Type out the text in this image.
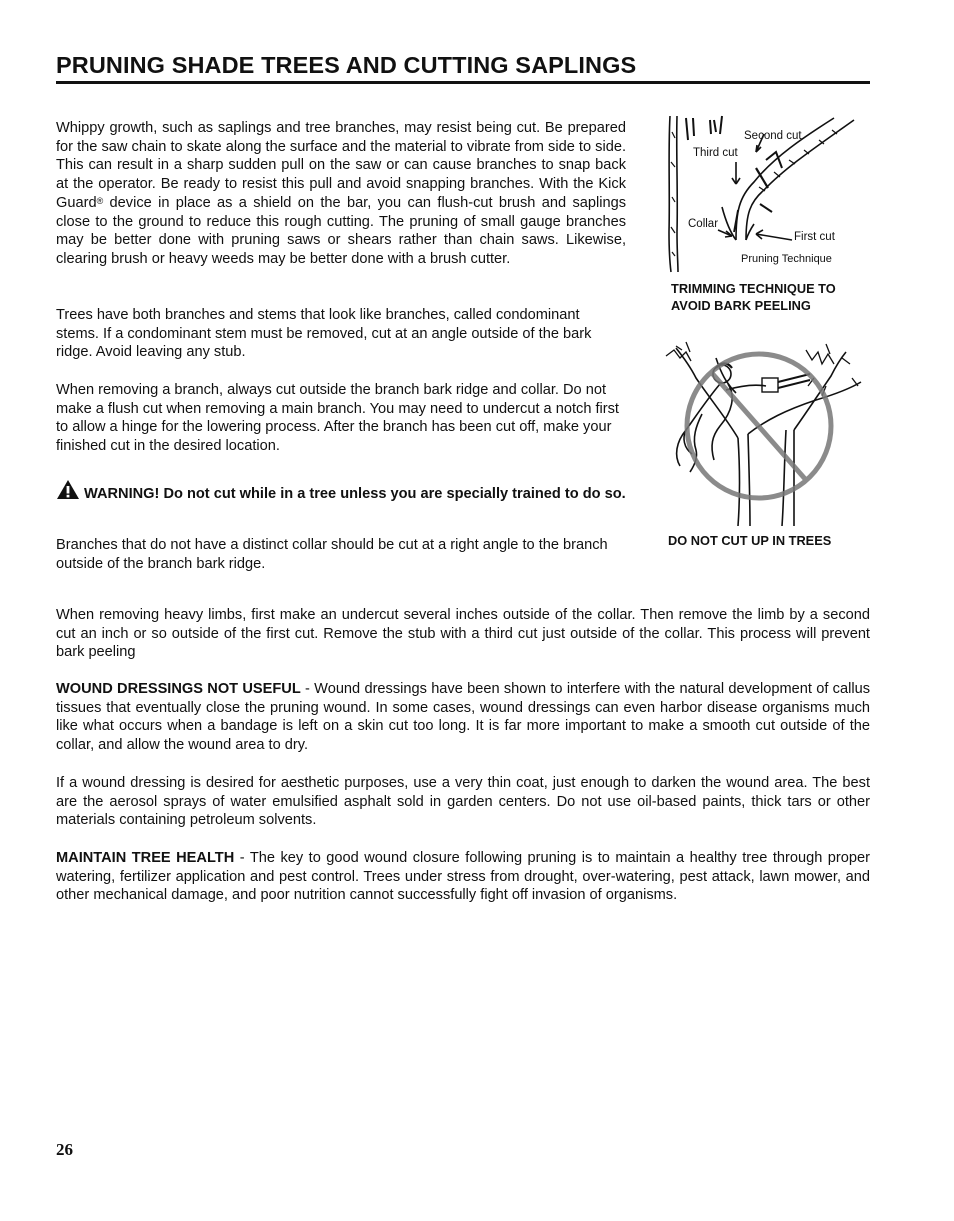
PRUNING SHADE TREES AND CUTTING SAPLINGS

Whippy growth, such as saplings and tree branches, may resist being cut. Be prepared for the saw chain to skate along the surface and the material to vibrate from side to side. This can result in a sharp sudden pull on the saw or can cause branches to snap back at the operator. Be ready to resist this pull and avoid snapping branches. With the Kick Guard® device in place as a shield on the bar, you can flush-cut brush and saplings close to the ground to reduce this rough cutting. The pruning of small gauge branches may be better done with pruning saws or shears rather than chain saws. Likewise, clearing brush or heavy weeds may be better done with a brush cutter.

Trees have both branches and stems that look like branches, called condominant stems. If a condominant stem must be removed, cut at an angle outside of the bark ridge. Avoid leaving any stub.

When removing a branch, always cut outside the branch bark ridge and collar. Do not make a flush cut when removing a main branch. You may need to undercut a notch first to allow a hinge for the lowering process. After the branch has been cut off, make your finished cut in the desired location.

WARNING! Do not cut while in a tree unless you are specially trained to do so.

Branches that do not have a distinct collar should be cut at a right angle to the branch outside of the branch bark ridge.

When removing heavy limbs, first make an undercut several inches outside of the collar. Then remove the limb by a second cut an inch or so outside of the first cut. Remove the stub with a third cut just outside of the collar. This process will prevent bark peeling

WOUND DRESSINGS NOT USEFUL - Wound dressings have been shown to interfere with the natural development of callus tissues that eventually close the pruning wound. In some cases, wound dressings can even harbor disease organisms much like what occurs when a bandage is left on a skin cut too long. It is far more important to make a smooth cut outside of the collar, and allow the wound area to dry.

If a wound dressing is desired for aesthetic purposes, use a very thin coat, just enough to darken the wound area. The best are the aerosol sprays of water emulsified asphalt sold in garden centers. Do not use oil-based paints, thick tars or other materials containing petroleum solvents.

MAINTAIN TREE HEALTH - The key to good wound closure following pruning is to maintain a healthy tree through proper watering, fertilizer application and pest control. Trees under stress from drought, over-watering, pest attack, lawn mower, and other mechanical damage, and poor nutrition cannot successfully fight off invasion of organisms.

Second cut
Third cut
Collar
First cut
Pruning Technique

TRIMMING TECHNIQUE TO
AVOID BARK PEELING

DO NOT CUT UP IN TREES

26
